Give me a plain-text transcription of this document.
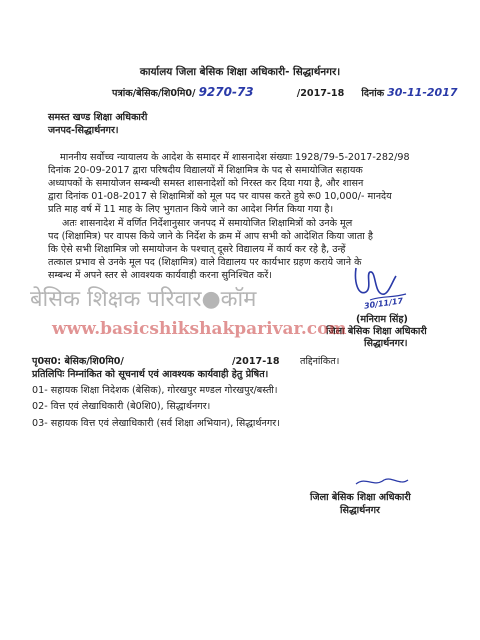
कार्यालय जिला बेसिक शिक्षा अधिकारी- सिद्धार्थनगर।
पत्रांक/बेसिक/शि0मि0/ 9270-73	/2017-18 दिनांक 30-11-2017
समस्त खण्ड शिक्षा अधिकारी
जनपद-सिद्धार्थनगर।
माननीय सर्वोच्च न्यायालय के आदेश के समादर में शासनादेश संख्याः 1928/79-5-2017-282/98
दिनांक 20-09-2017 द्वारा परिषदीय विद्यालयों में शिक्षामित्र के पद से समायोजित सहायक
अध्यापकों के समायोजन सम्बन्धी समस्त शासनादेशों को निरस्त कर दिया गया है, और शासन
द्वारा दिनांक 01-08-2017 से शिक्षामित्रों को मूल पद पर वापस करते हुये रू0 10,000/- मानदेय
प्रति माह वर्ष में 11 माह के लिए भुगतान किये जाने का आदेश निर्गत किया गया है।
अतः शासनादेश में वर्णित निर्देशानुसार जनपद में समायोजित शिक्षामित्रों को उनके मूल
पद (शिक्षामित्र) पर वापस किये जाने के निर्देश के क्रम में आप सभी को आदेशित किया जाता है
कि ऐसे सभी शिक्षामित्र जो समायोजन के पश्चात् दूसरे विद्यालय में कार्य कर रहे है, उन्हें
तत्काल प्रभाव से उनके मूल पद (शिक्षामित्र) वाले विद्यालय पर कार्यभार ग्रहण कराये जाने के
सम्बन्ध में अपने स्तर से आवश्यक कार्यवाही करना सुनिश्चित करें।
30/11/17
(मनिराम सिंह)
जिला बेसिक शिक्षा अधिकारी
सिद्धार्थनगर।
बेसिक शिक्षक परिवार●कॉम
www.basicshikshakparivar.com
पृ0स0: बेसिक/शि0मि0/	/2017-18 तद्दिनांकित।
प्रतिलिपिः निम्नांकित को सूचनार्थ एवं आवश्यक कार्यवाही हेतु प्रेषित।
01- सहायक शिक्षा निदेशक (बेसिक), गोरखपुर मण्डल गोरखपुर/बस्ती।
02- वित्त एवं लेखाधिकारी (बे0शि0), सिद्धार्थनगर।
03- सहायक वित्त एवं लेखाधिकारी (सर्व शिक्षा अभियान), सिद्धार्थनगर।
जिला बेसिक शिक्षा अधिकारी
सिद्धार्थनगर
